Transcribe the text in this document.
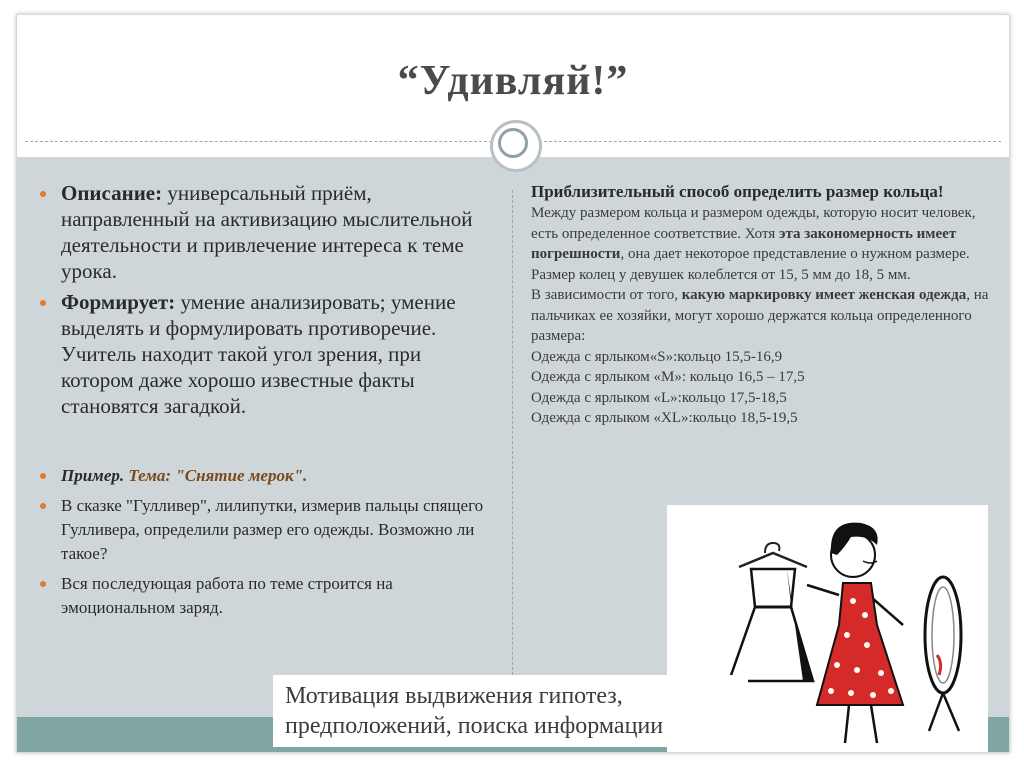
“Удивляй!”
Описание: универсальный приём, направленный на активизацию мыслительной деятельности и привлечение интереса к теме урока.
Формирует: умение анализировать; умение выделять и формулировать противоречие. Учитель находит такой угол зрения, при котором даже хорошо известные факты становятся загадкой.
Пример. Тема: "Снятие мерок".
В сказке "Гулливер", лилипутки, измерив пальцы спящего Гулливера, определили размер его одежды. Возможно ли такое?
Вся последующая работа по теме строится на эмоциональном заряд.
Приблизительный способ определить размер кольца!
Между размером кольца и размером одежды, которую носит человек, есть определенное соответствие. Хотя эта закономерность имеет погрешности, она дает некоторое представление о нужном размере.
Размер колец у девушек колеблется от 15, 5 мм до 18, 5 мм.
В зависимости от того, какую маркировку имеет женская одежда, на пальчиках ее хозяйки, могут хорошо держатся кольца определенного размера:
Одежда с ярлыком«S»:кольцо 15,5-16,9
Одежда с ярлыком «M»: кольцо 16,5 – 17,5
Одежда с ярлыком «L»:кольцо 17,5-18,5
Одежда с ярлыком «XL»:кольцо 18,5-19,5
Мотивация выдвижения гипотез, предположений, поиска информации
